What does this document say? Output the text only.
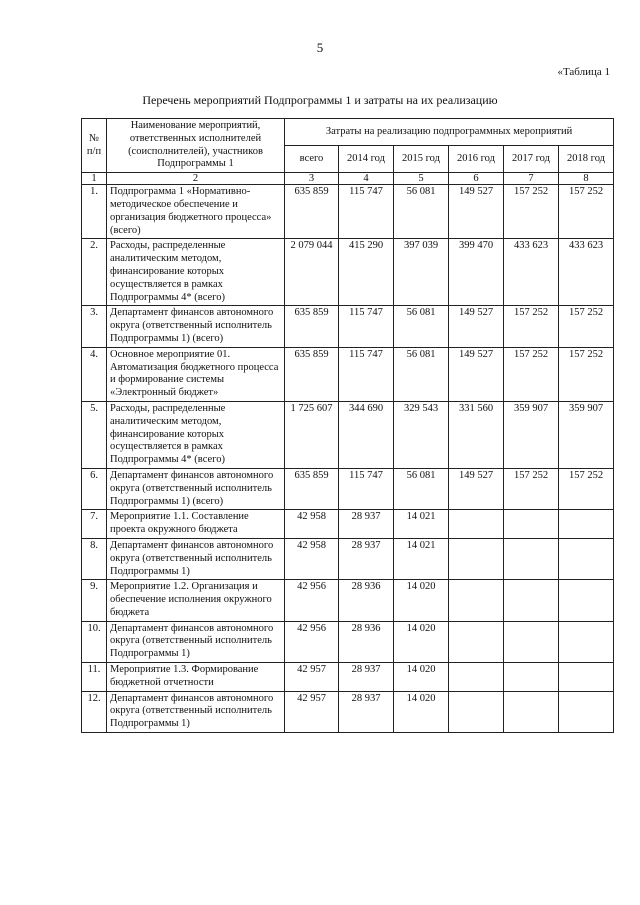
5
«Таблица 1
Перечень мероприятий Подпрограммы 1 и затраты на их реализацию
№ п/п	Наименование мероприятий, ответственных исполнителей (соисполнителей), участников Подпрограммы 1	Затраты на реализацию подпрограммных мероприятий					
		всего	2014 год	2015 год	2016 год	2017 год	2018 год
1	2	3	4	5	6	7	8
1.	Подпрограмма 1 «Нормативно-методическое обеспечение и организация бюджетного процесса» (всего)	635 859	115 747	56 081	149 527	157 252	157 252
2.	Расходы, распределенные аналитическим методом, финансирование которых осуществляется в рамках Подпрограммы 4* (всего)	2 079 044	415 290	397 039	399 470	433 623	433 623
3.	Департамент финансов автономного округа (ответственный исполнитель Подпрограммы 1) (всего)	635 859	115 747	56 081	149 527	157 252	157 252
4.	Основное мероприятие 01. Автоматизация бюджетного процесса и формирование системы «Электронный бюджет»	635 859	115 747	56 081	149 527	157 252	157 252
5.	Расходы, распределенные аналитическим методом, финансирование которых осуществляется в рамках Подпрограммы 4* (всего)	1 725 607	344 690	329 543	331 560	359 907	359 907
6.	Департамент финансов автономного округа (ответственный исполнитель Подпрограммы 1) (всего)	635 859	115 747	56 081	149 527	157 252	157 252
7.	Мероприятие 1.1. Составление проекта окружного бюджета	42 958	28 937	14 021			
8.	Департамент финансов автономного округа (ответственный исполнитель Подпрограммы 1)	42 958	28 937	14 021			
9.	Мероприятие 1.2. Организация и обеспечение исполнения окружного бюджета	42 956	28 936	14 020			
10.	Департамент финансов автономного округа (ответственный исполнитель Подпрограммы 1)	42 956	28 936	14 020			
11.	Мероприятие 1.3. Формирование бюджетной отчетности	42 957	28 937	14 020			
12.	Департамент финансов автономного округа (ответственный исполнитель Подпрограммы 1)	42 957	28 937	14 020			
